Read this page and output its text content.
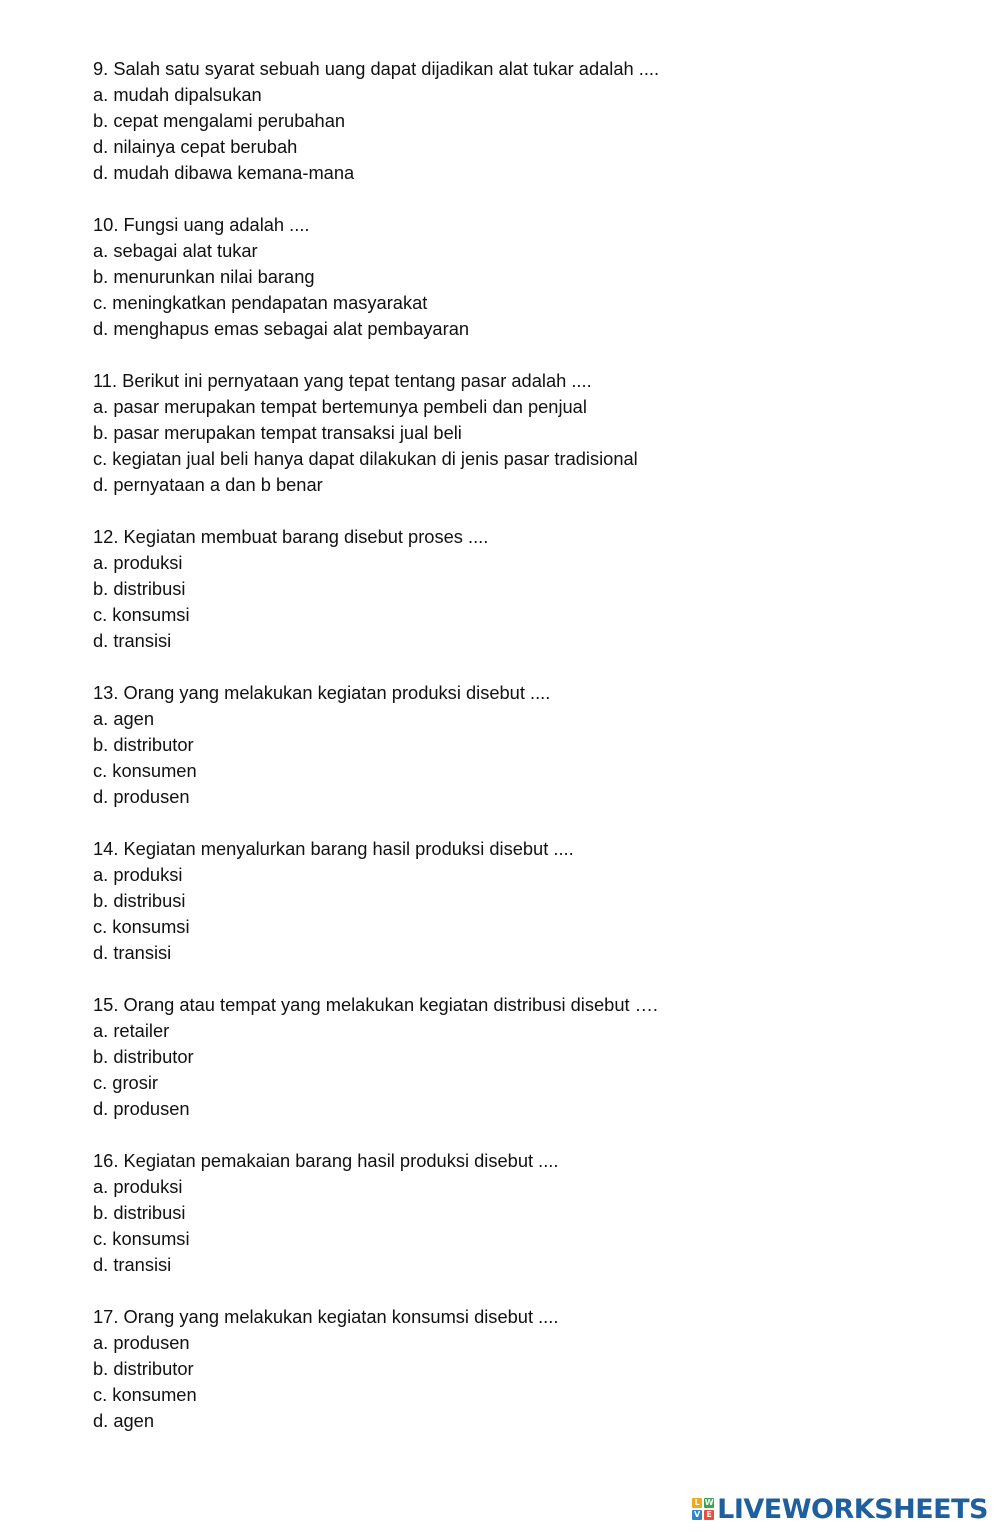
9. Salah satu syarat sebuah uang dapat dijadikan alat tukar adalah ....
a. mudah dipalsukan
b. cepat mengalami perubahan
d. nilainya cepat berubah
d. mudah dibawa kemana-mana
10. Fungsi uang adalah ....
a. sebagai alat tukar
b. menurunkan nilai barang
c. meningkatkan pendapatan masyarakat
d. menghapus emas sebagai alat pembayaran
11. Berikut ini pernyataan yang tepat tentang pasar adalah ....
a. pasar merupakan tempat bertemunya pembeli dan penjual
b. pasar merupakan tempat transaksi jual beli
c. kegiatan jual beli hanya dapat dilakukan di jenis pasar tradisional
d. pernyataan a dan b benar
12. Kegiatan membuat barang disebut proses ....
a. produksi
b. distribusi
c. konsumsi
d. transisi
13. Orang yang melakukan kegiatan produksi disebut ....
a. agen
b. distributor
c. konsumen
d. produsen
14. Kegiatan menyalurkan barang hasil produksi disebut ....
a. produksi
b. distribusi
c. konsumsi
d. transisi
15. Orang atau tempat yang melakukan kegiatan distribusi disebut ….
a. retailer
b. distributor
c. grosir
d. produsen
16. Kegiatan pemakaian barang hasil produksi disebut ....
a. produksi
b. distribusi
c. konsumsi
d. transisi
17. Orang yang melakukan kegiatan konsumsi disebut ....
a. produsen
b. distributor
c. konsumen
d. agen
L W
V E LIVEWORKSHEETS
